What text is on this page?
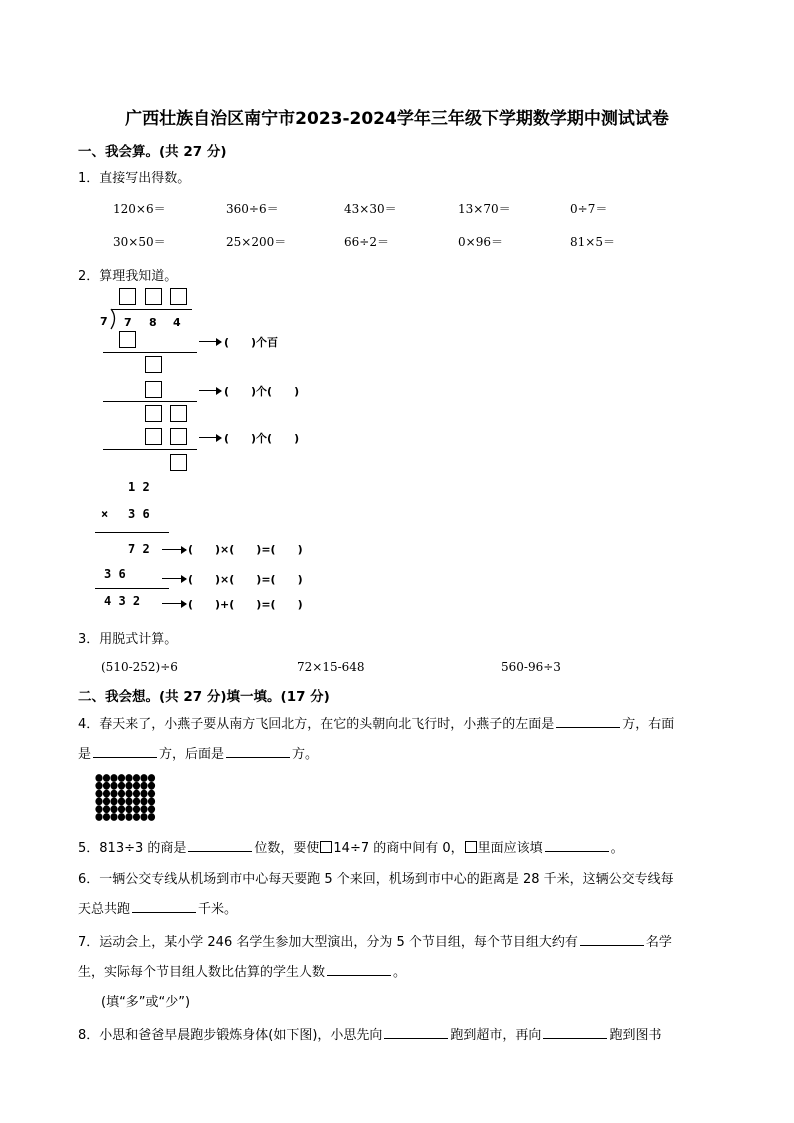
广西壮族自治区南宁市2023-2024学年三年级下学期数学期中测试试卷
一、我会算。(共 27 分)
1．直接写出得数。
120×6＝	360÷6＝	43×30＝	13×70＝	0÷7＝
30×50＝	25×200＝	66÷2＝	0×96＝	81×5＝
2．算理我知道。
7 7 8 4
(　　)个百
(　　)个(　　)
(　　)个(　　)
1 2
× 3 6
7 2	(　　)×(　　)=(　　)
3 6	(　　)×(　　)=(　　)
4 3 2	(　　)+(　　)=(　　)
3．用脱式计算。
(510-252)÷6	72×15-648	560-96÷3
二、我会想。(共 27 分)填一填。(17 分)
4．春天来了，小燕子要从南方飞回北方，在它的头朝向北飞行时，小燕子的左面是	方，右面
是	方，后面是	方。
5．813÷3 的商是	位数，要使 14÷7 的商中间有 0， 里面应该填	。
6．一辆公交专线从机场到市中心每天要跑 5 个来回，机场到市中心的距离是 28 千米，这辆公交专线每
天总共跑	千米。
7．运动会上，某小学 246 名学生参加大型演出，分为 5 个节目组，每个节目组大约有	名学
生，实际每个节目组人数比估算的学生人数	。
(填“多”或“少”)
8．小思和爸爸早晨跑步锻炼身体(如下图)，小思先向	跑到超市，再向	跑到图书
